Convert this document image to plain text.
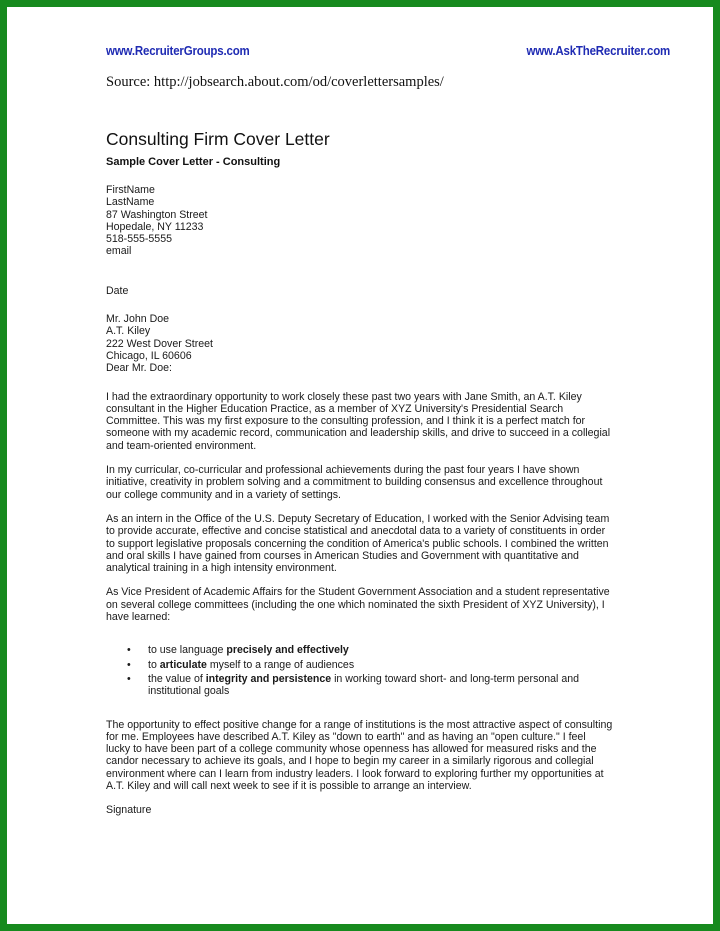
www.RecruiterGroups.com	www.AskTheRecruiter.com
Source: http://jobsearch.about.com/od/coverlettersamples/
Consulting Firm Cover Letter
Sample Cover Letter - Consulting
FirstName
LastName
87 Washington Street
Hopedale, NY 11233
518-555-5555
email
Date
Mr. John Doe
A.T. Kiley
222 West Dover Street
Chicago, IL 60606
Dear Mr. Doe:
I had the extraordinary opportunity to work closely these past two years with Jane Smith, an A.T. Kiley
consultant in the Higher Education Practice, as a member of XYZ University's Presidential Search
Committee. This was my first exposure to the consulting profession, and I think it is a perfect match for
someone with my academic record, communication and leadership skills, and drive to succeed in a collegial
and team-oriented environment.
In my curricular, co-curricular and professional achievements during the past four years I have shown
initiative, creativity in problem solving and a commitment to building consensus and excellence throughout
our college community and in a variety of settings.
As an intern in the Office of the U.S. Deputy Secretary of Education, I worked with the Senior Advising team
to provide accurate, effective and concise statistical and anecdotal data to a variety of constituents in order
to support legislative proposals concerning the condition of America's public schools. I combined the written
and oral skills I have gained from courses in American Studies and Government with quantitative and
analytical training in a high intensity environment.
As Vice President of Academic Affairs for the Student Government Association and a student representative
on several college committees (including the one which nominated the sixth President of XYZ University), I
have learned:
• to use language precisely and effectively
• to articulate myself to a range of audiences
• the value of integrity and persistence in working toward short- and long-term personal and
institutional goals
The opportunity to effect positive change for a range of institutions is the most attractive aspect of consulting
for me. Employees have described A.T. Kiley as "down to earth" and as having an "open culture." I feel
lucky to have been part of a college community whose openness has allowed for measured risks and the
candor necessary to achieve its goals, and I hope to begin my career in a similarly rigorous and collegial
environment where can I learn from industry leaders. I look forward to exploring further my opportunities at
A.T. Kiley and will call next week to see if it is possible to arrange an interview.
Signature
